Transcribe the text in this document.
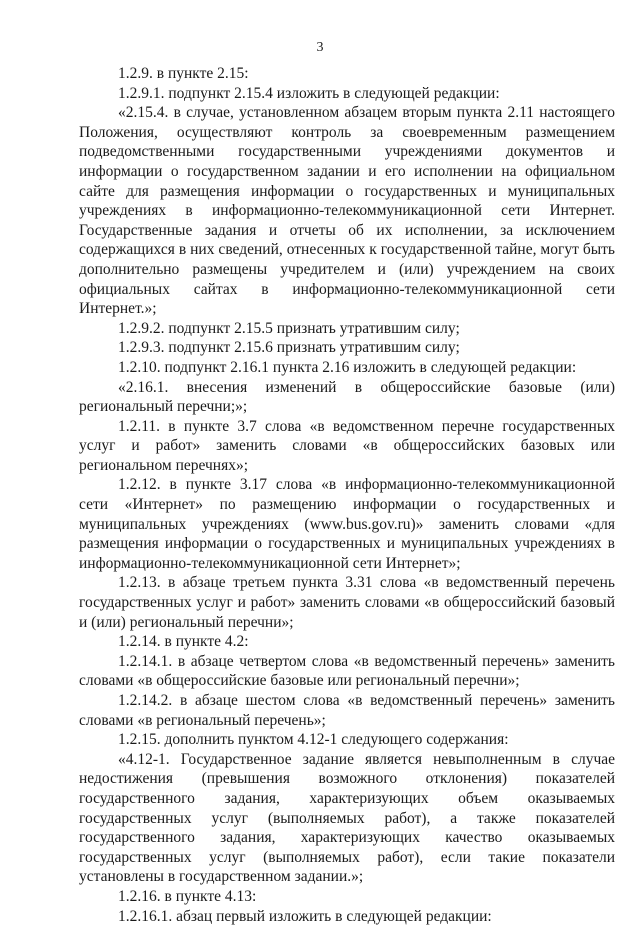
3

1.2.9. в пункте 2.15:

1.2.9.1. подпункт 2.15.4 изложить в следующей редакции:

«2.15.4. в случае, установленном абзацем вторым пункта 2.11 настоящего Положения, осуществляют контроль за своевременным размещением подведомственными государственными учреждениями документов и информации о государственном задании и его исполнении на официальном сайте для размещения информации о государственных и муниципальных учреждениях в информационно-телекоммуникационной сети Интернет. Государственные задания и отчеты об их исполнении, за исключением содержащихся в них сведений, отнесенных к государственной тайне, могут быть дополнительно размещены учредителем и (или) учреждением на своих официальных сайтах в информационно-телекоммуникационной сети Интернет.»;

1.2.9.2. подпункт 2.15.5 признать утратившим силу;

1.2.9.3. подпункт 2.15.6 признать утратившим силу;

1.2.10. подпункт 2.16.1 пункта 2.16 изложить в следующей редакции:

«2.16.1. внесения изменений в общероссийские базовые (или) региональный перечни;»;

1.2.11. в пункте 3.7 слова «в ведомственном перечне государственных услуг и работ» заменить словами «в общероссийских базовых или региональном перечнях»;

1.2.12. в пункте 3.17 слова «в информационно-телекоммуникационной сети «Интернет» по размещению информации о государственных и муниципальных учреждениях (www.bus.gov.ru)» заменить словами «для размещения информации о государственных и муниципальных учреждениях в информационно-телекоммуникационной сети Интернет»;

1.2.13. в абзаце третьем пункта 3.31 слова «в ведомственный перечень государственных услуг и работ» заменить словами «в общероссийский базовый и (или) региональный перечни»;

1.2.14. в пункте 4.2:

1.2.14.1. в абзаце четвертом слова «в ведомственный перечень» заменить словами «в общероссийские базовые или региональный перечни»;

1.2.14.2. в абзаце шестом слова «в ведомственный перечень» заменить словами «в региональный перечень»;

1.2.15. дополнить пунктом 4.12-1 следующего содержания:

«4.12-1. Государственное задание является невыполненным в случае недостижения (превышения возможного отклонения) показателей государственного задания, характеризующих объем оказываемых государственных услуг (выполняемых работ), а также показателей государственного задания, характеризующих качество оказываемых государственных услуг (выполняемых работ), если такие показатели установлены в государственном задании.»;

1.2.16. в пункте 4.13:

1.2.16.1. абзац первый изложить в следующей редакции:
